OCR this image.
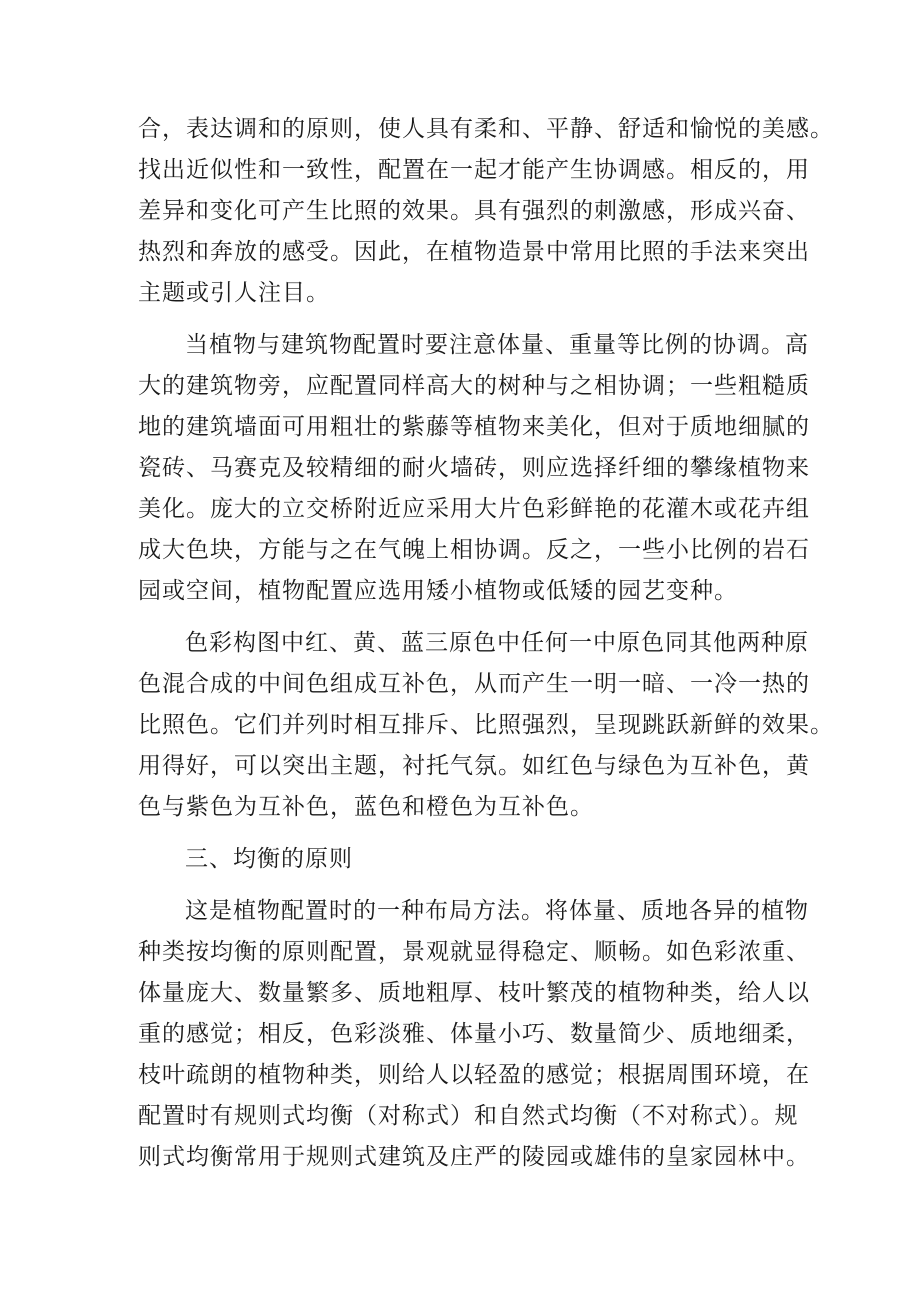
合，表达调和的原则，使人具有柔和、平静、舒适和愉悦的美感。
找出近似性和一致性，配置在一起才能产生协调感。相反的，用
差异和变化可产生比照的效果。具有强烈的刺激感，形成兴奋、
热烈和奔放的感受。因此，在植物造景中常用比照的手法来突出
主题或引人注目。
当植物与建筑物配置时要注意体量、重量等比例的协调。高
大的建筑物旁，应配置同样高大的树种与之相协调；一些粗糙质
地的建筑墙面可用粗壮的紫藤等植物来美化，但对于质地细腻的
瓷砖、马赛克及较精细的耐火墙砖，则应选择纤细的攀缘植物来
美化。庞大的立交桥附近应采用大片色彩鲜艳的花灌木或花卉组
成大色块，方能与之在气魄上相协调。反之，一些小比例的岩石
园或空间，植物配置应选用矮小植物或低矮的园艺变种。
色彩构图中红、黄、蓝三原色中任何一中原色同其他两种原
色混合成的中间色组成互补色，从而产生一明一暗、一冷一热的
比照色。它们并列时相互排斥、比照强烈，呈现跳跃新鲜的效果。
用得好，可以突出主题，衬托气氛。如红色与绿色为互补色，黄
色与紫色为互补色，蓝色和橙色为互补色。
三、均衡的原则
这是植物配置时的一种布局方法。将体量、质地各异的植物
种类按均衡的原则配置，景观就显得稳定、顺畅。如色彩浓重、
体量庞大、数量繁多、质地粗厚、枝叶繁茂的植物种类，给人以
重的感觉；相反，色彩淡雅、体量小巧、数量简少、质地细柔，
枝叶疏朗的植物种类，则给人以轻盈的感觉；根据周围环境，在
配置时有规则式均衡（对称式）和自然式均衡（不对称式）。规
则式均衡常用于规则式建筑及庄严的陵园或雄伟的皇家园林中。
